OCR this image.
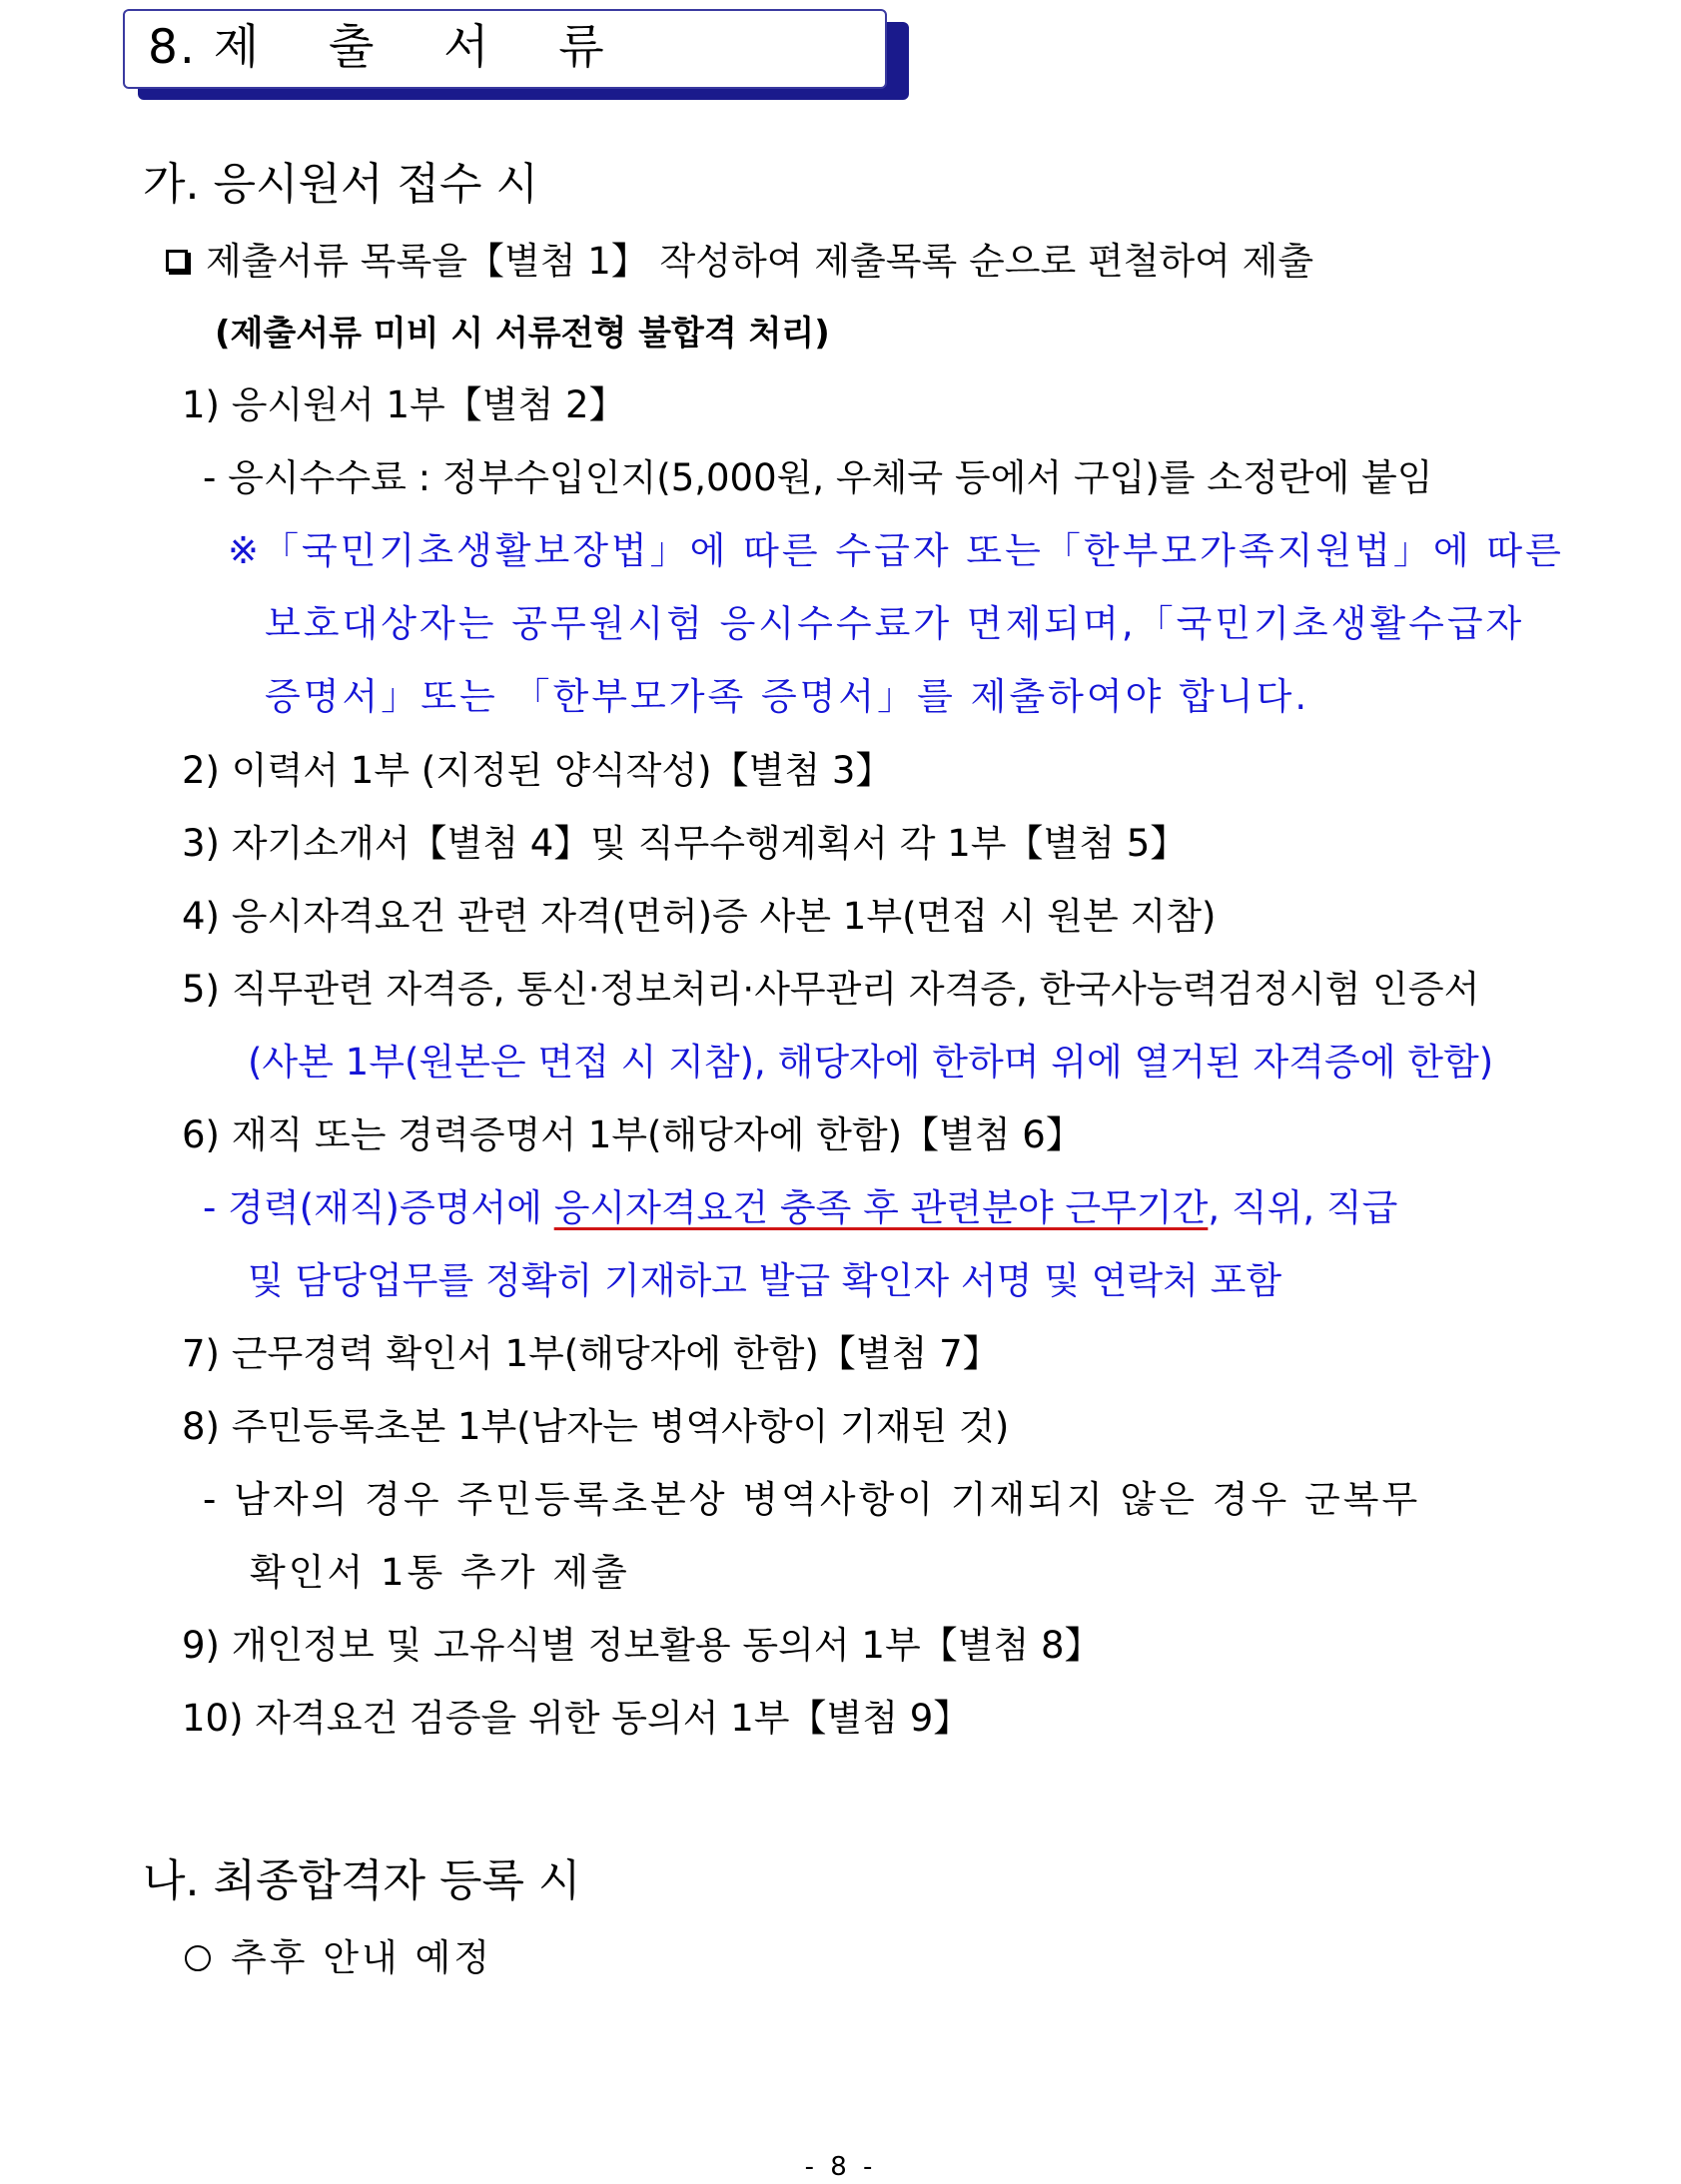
8. 제    출    서    류
가. 응시원서 접수 시
제출서류 목록을【별첨 1】 작성하여 제출목록 순으로 편철하여 제출
(제출서류 미비 시 서류전형 불합격 처리)
1) 응시원서 1부【별첨 2】
- 응시수수료 : 정부수입인지(5,000원, 우체국 등에서 구입)를 소정란에 붙임
※「국민기초생활보장법」에 따른 수급자 또는「한부모가족지원법」에 따른
보호대상자는 공무원시험 응시수수료가 면제되며,「국민기초생활수급자
증명서」또는 「한부모가족 증명서」를 제출하여야 합니다.
2) 이력서 1부 (지정된 양식작성)【별첨 3】
3) 자기소개서【별첨 4】및 직무수행계획서 각 1부【별첨 5】
4) 응시자격요건 관련 자격(면허)증 사본 1부(면접 시 원본 지참)
5) 직무관련 자격증, 통신·정보처리·사무관리 자격증, 한국사능력검정시험 인증서
(사본 1부(원본은 면접 시 지참), 해당자에 한하며 위에 열거된 자격증에 한함)
6) 재직 또는 경력증명서 1부(해당자에 한함)【별첨 6】
- 경력(재직)증명서에 응시자격요건 충족 후 관련분야 근무기간, 직위, 직급
및 담당업무를 정확히 기재하고 발급 확인자 서명 및 연락처 포함
7) 근무경력 확인서 1부(해당자에 한함)【별첨 7】
8) 주민등록초본 1부(남자는 병역사항이 기재된 것)
- 남자의 경우 주민등록초본상 병역사항이 기재되지 않은 경우 군복무
확인서 1통 추가 제출
9) 개인정보 및 고유식별 정보활용 동의서 1부【별첨 8】
10) 자격요건 검증을 위한 동의서 1부【별첨 9】
나. 최종합격자 등록 시
추후 안내 예정
- 8 -
